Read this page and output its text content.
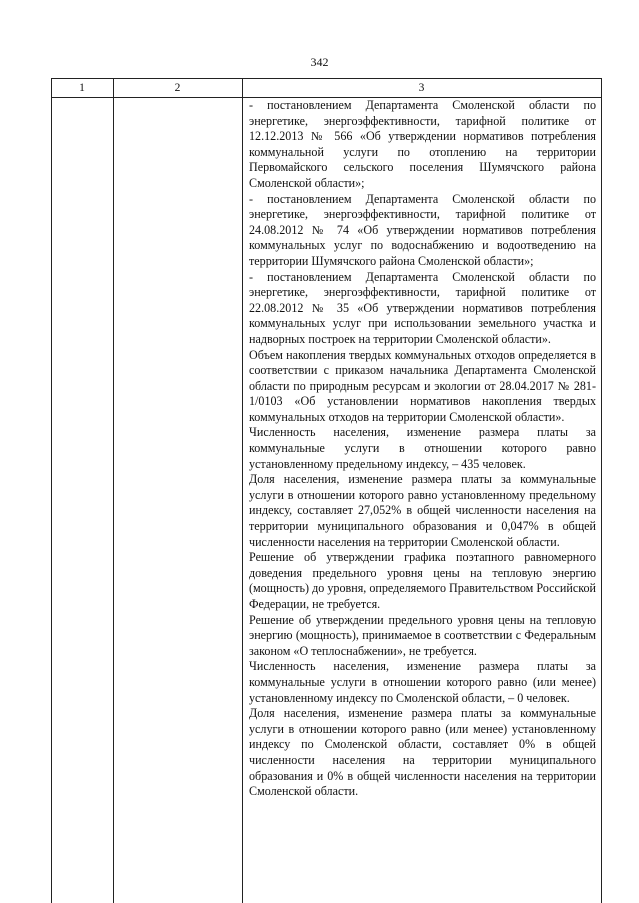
342
1	2	3

- постановлением Департамента Смоленской области по энергетике, энергоэффективности, тарифной политике от 12.12.2013 № 566 «Об утверждении нормативов потребления коммунальной услуги по отоплению на территории Первомайского сельского поселения Шумячского района Смоленской области»;

- постановлением Департамента Смоленской области по энергетике, энергоэффективности, тарифной политике от 24.08.2012 № 74 «Об утверждении нормативов потребления коммунальных услуг по водоснабжению и водоотведению на территории Шумячского района Смоленской области»;

- постановлением Департамента Смоленской области по энергетике, энергоэффективности, тарифной политике от 22.08.2012 № 35 «Об утверждении нормативов потребления коммунальных услуг при использовании земельного участка и надворных построек на территории Смоленской области».

Объем накопления твердых коммунальных отходов определяется в соответствии с приказом начальника Департамента Смоленской области по природным ресурсам и экологии от 28.04.2017 № 281-1/0103 «Об установлении нормативов накопления твердых коммунальных отходов на территории Смоленской области».

Численность населения, изменение размера платы за коммунальные услуги в отношении которого равно установленному предельному индексу, – 435 человек.

Доля населения, изменение размера платы за коммунальные услуги в отношении которого равно установленному предельному индексу, составляет 27,052% в общей численности населения на территории муниципального образования и 0,047% в общей численности населения на территории Смоленской области.

Решение об утверждении графика поэтапного равномерного доведения предельного уровня цены на тепловую энергию (мощность) до уровня, определяемого Правительством Российской Федерации, не требуется.

Решение об утверждении предельного уровня цены на тепловую энергию (мощность), принимаемое в соответствии с Федеральным законом «О теплоснабжении», не требуется.

Численность населения, изменение размера платы за коммунальные услуги в отношении которого равно (или менее) установленному индексу по Смоленской области, – 0 человек.

Доля населения, изменение размера платы за коммунальные услуги в отношении которого равно (или менее) установленному индексу по Смоленской области, составляет 0% в общей численности населения на территории муниципального образования и 0% в общей численности населения на территории Смоленской области.
